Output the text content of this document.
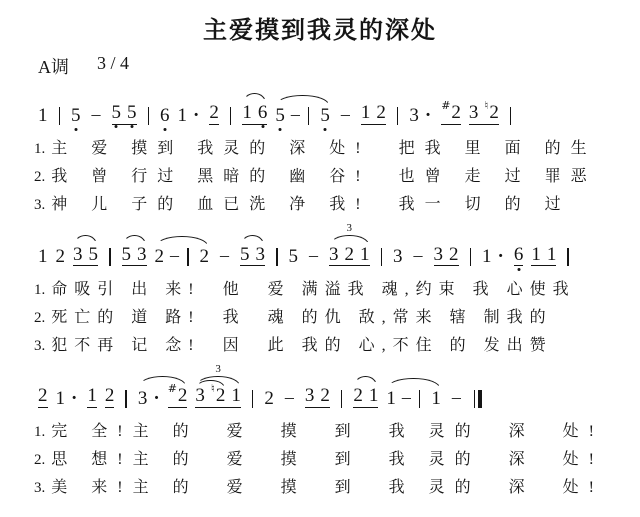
主爱摸到我灵的深处
A调 3 / 4
1 5 – 5 5 6 1 · 2 1 6 5 – 5 – 1 2 3 · #2 3 ♮2
1. 主 爱 摸到 我灵的 深 处!  把我 里 面 的生
2. 我 曾 行过 黑暗的 幽 谷!  也曾 走 过 罪恶
3. 神 儿 子的 血已洗 净 我!  我一 切 的 过
1 2 3 5 5 3 2 – 2 – 5 3 5 –
3
3 2 1 3 – 3 2 1 · 6 1 1
1. 命吸引 出 来!  他  爱 满溢我 魂,约束 我 心使我
2. 死亡的 道 路!  我  魂 的仇 敌,常来 辖 制我的
3. 犯不再 记 念!  因  此 我的 心,不住 的 发出赞
2 1 · 1 2 3 · #2
3
3 ♮2 1 2 – 3 2 2 1 1 – 1 –
1. 完 全!主 的  爱  摸  到  我 灵的  深  处!
2. 思 想!主 的  爱  摸  到  我 灵的  深  处!
3. 美 来!主 的  爱  摸  到  我 灵的  深  处!
